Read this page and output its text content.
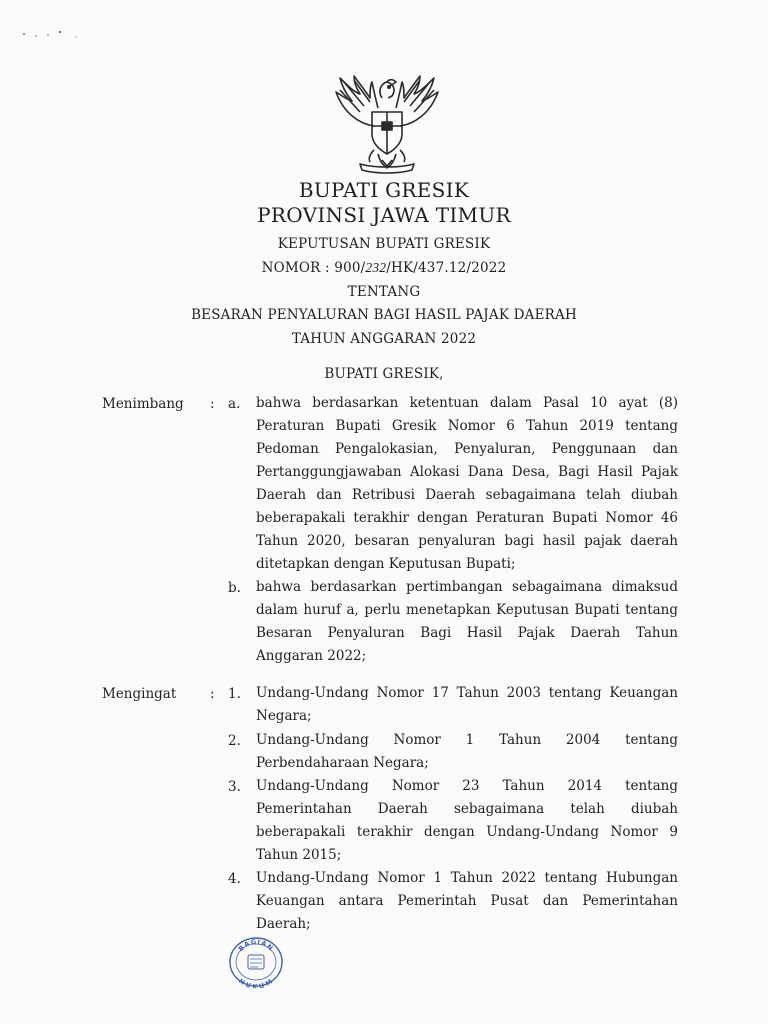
BUPATI GRESIK
PROVINSI JAWA TIMUR
KEPUTUSAN BUPATI GRESIK
NOMOR : 900/232/HK/437.12/2022
TENTANG
BESARAN PENYALURAN BAGI HASIL PAJAK DAERAH
TAHUN ANGGARAN 2022
BUPATI GRESIK,
Menimbang : a. bahwa berdasarkan ketentuan dalam Pasal 10 ayat (8) Peraturan Bupati Gresik Nomor 6 Tahun 2019 tentang Pedoman Pengalokasian, Penyaluran, Penggunaan dan Pertanggungjawaban Alokasi Dana Desa, Bagi Hasil Pajak Daerah dan Retribusi Daerah sebagaimana telah diubah beberapakali terakhir dengan Peraturan Bupati Nomor 46 Tahun 2020, besaran penyaluran bagi hasil pajak daerah ditetapkan dengan Keputusan Bupati;

b. bahwa berdasarkan pertimbangan sebagaimana dimaksud dalam huruf a, perlu menetapkan Keputusan Bupati tentang Besaran Penyaluran Bagi Hasil Pajak Daerah Tahun Anggaran 2022;

Mengingat : 1. Undang-Undang Nomor 17 Tahun 2003 tentang Keuangan Negara;

2. Undang-Undang Nomor 1 Tahun 2004 tentang Perbendaharaan Negara;

3. Undang-Undang Nomor 23 Tahun 2014 tentang Pemerintahan Daerah sebagaimana telah diubah beberapakali terakhir dengan Undang-Undang Nomor 9 Tahun 2015;

4. Undang-Undang Nomor 1 Tahun 2022 tentang Hubungan Keuangan antara Pemerintah Pusat dan Pemerintahan Daerah;

BAGIAN
HUKUM
